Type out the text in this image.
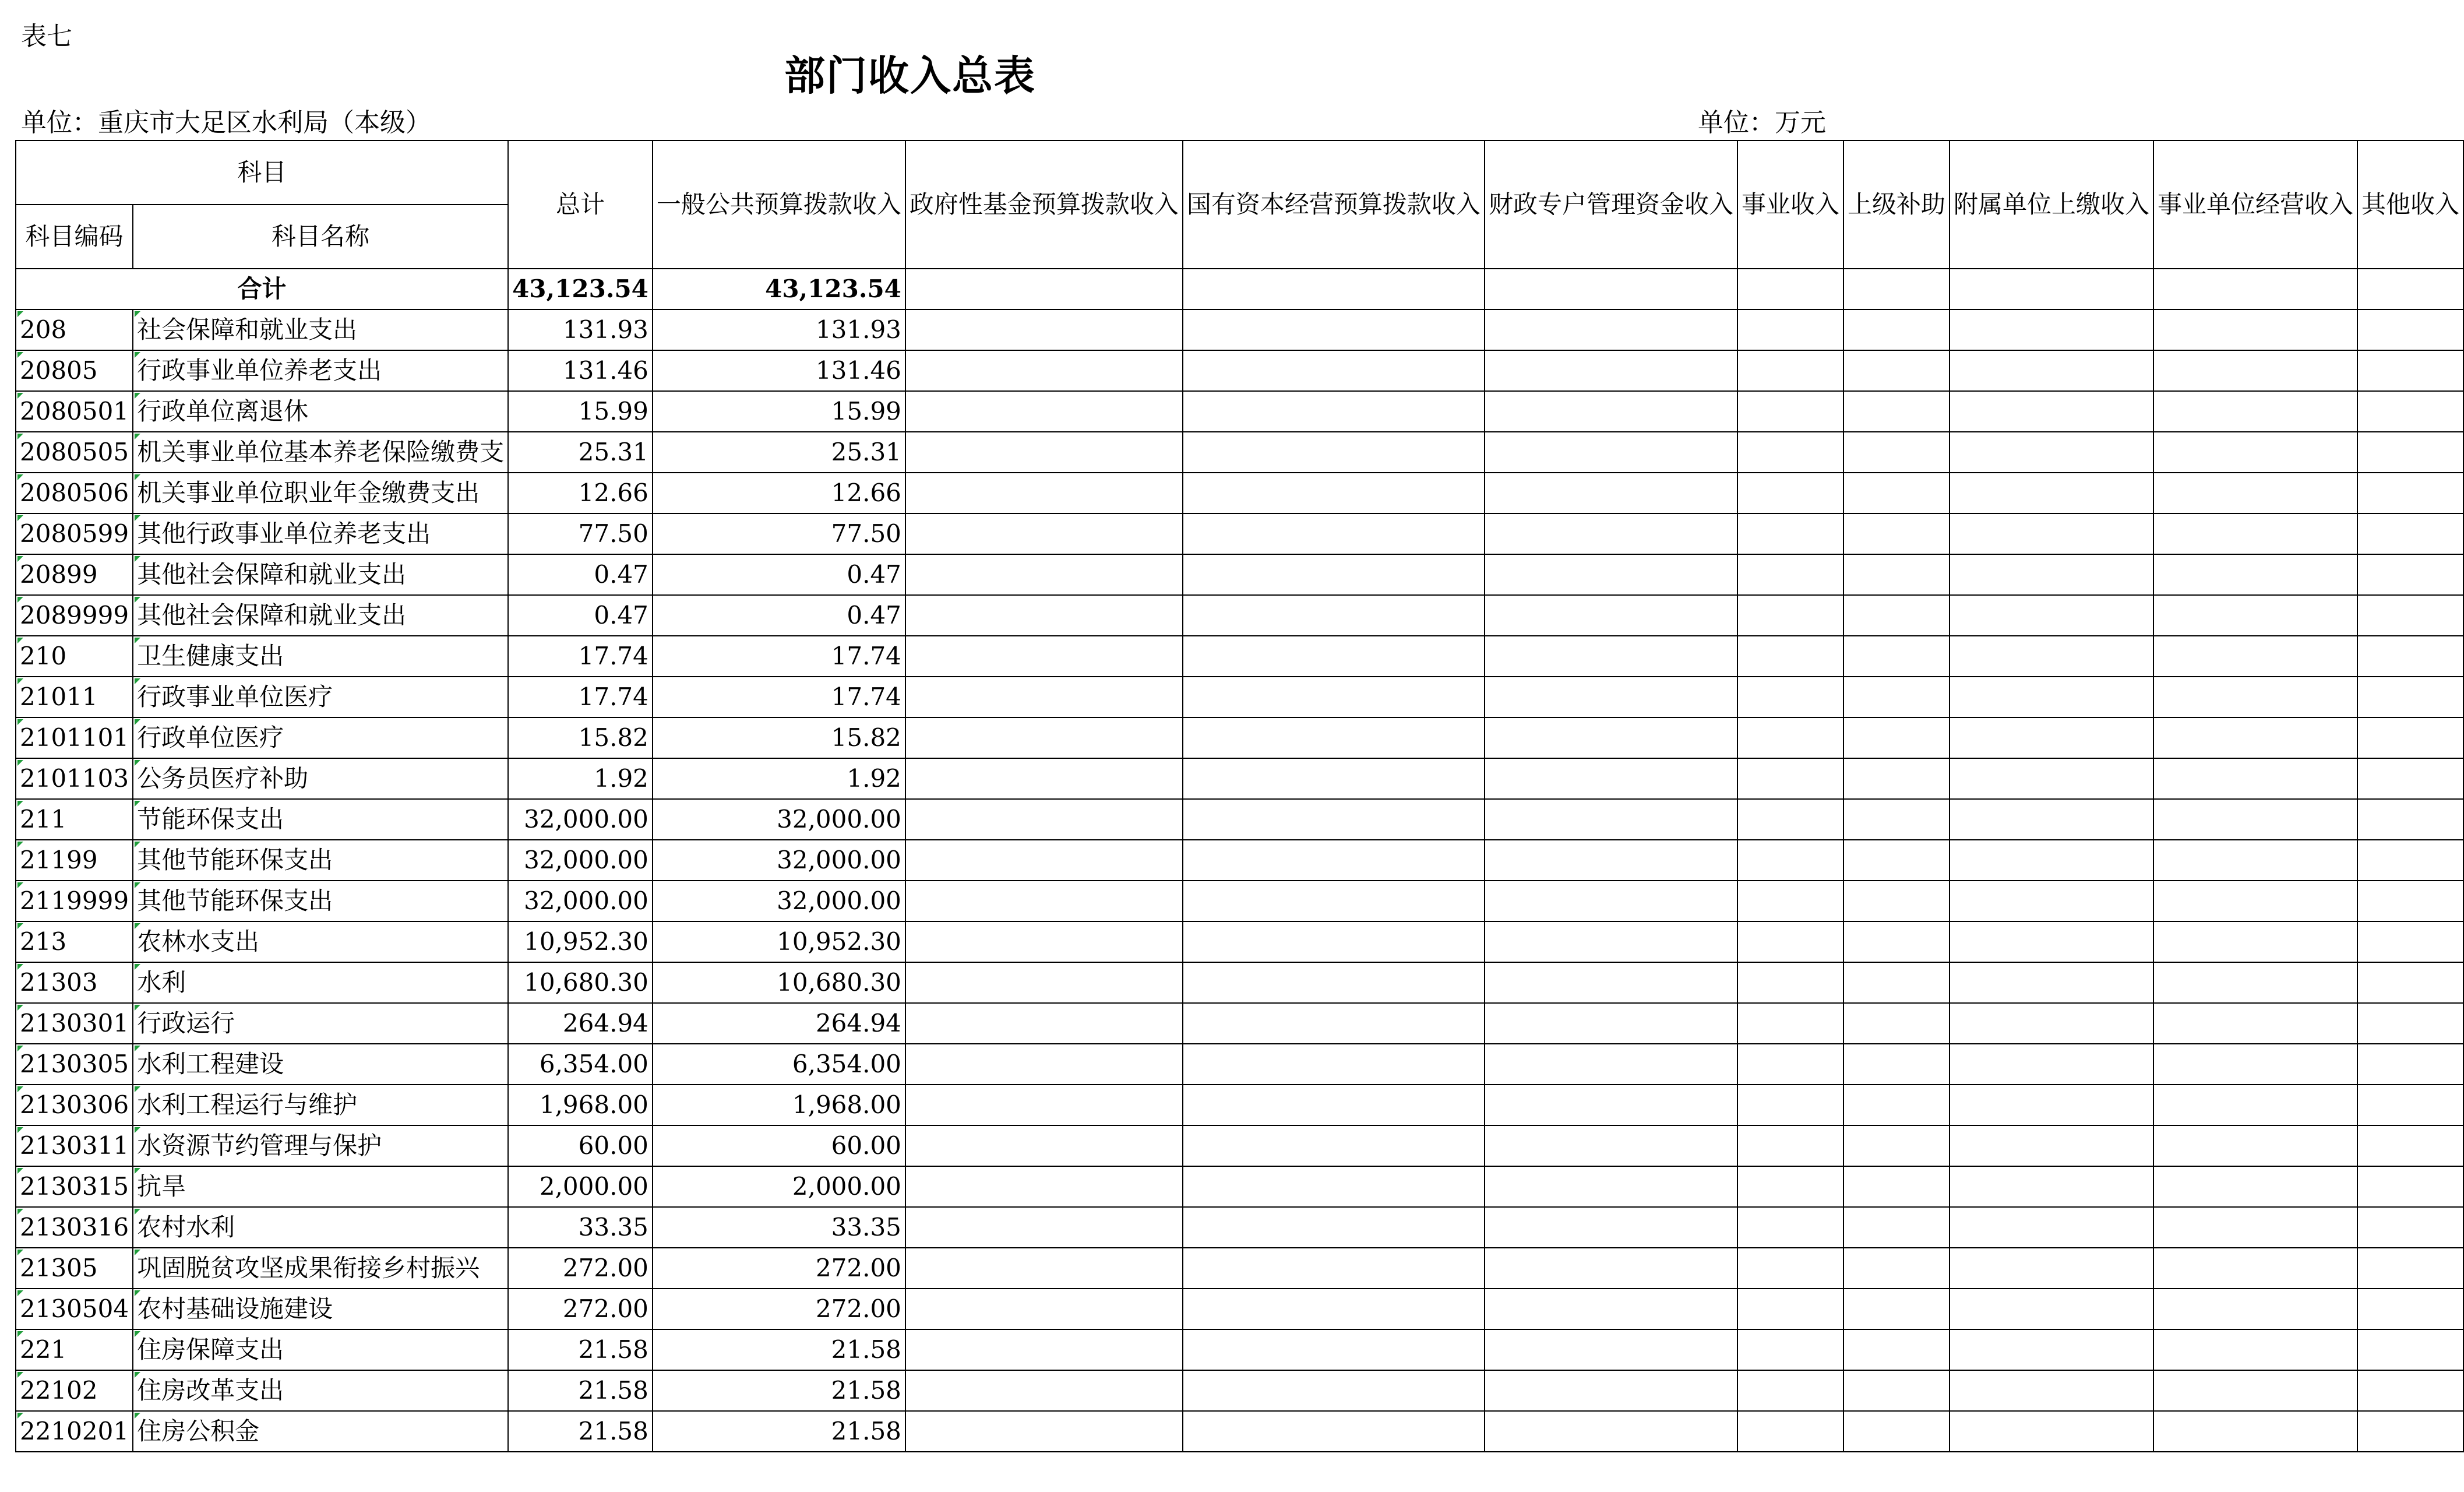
表七
部门收入总表
单位：重庆市大足区水利局（本级）	单位：万元
科目		总计	一般公共预算拨款收入	政府性基金预算拨款收入	国有资本经营预算拨款收入	财政专户管理资金收入	事业收入	上级补助	附属单位上缴收入	事业单位经营收入	其他收入
科目编码	科目名称										
合计		43,123.54	43,123.54								
208	社会保障和就业支出	131.93	131.93								
20805	行政事业单位养老支出	131.46	131.46								
2080501	行政单位离退休	15.99	15.99								
2080505	机关事业单位基本养老保险缴费支	25.31	25.31								
2080506	机关事业单位职业年金缴费支出	12.66	12.66								
2080599	其他行政事业单位养老支出	77.50	77.50								
20899	其他社会保障和就业支出	0.47	0.47								
2089999	其他社会保障和就业支出	0.47	0.47								
210	卫生健康支出	17.74	17.74								
21011	行政事业单位医疗	17.74	17.74								
2101101	行政单位医疗	15.82	15.82								
2101103	公务员医疗补助	1.92	1.92								
211	节能环保支出	32,000.00	32,000.00								
21199	其他节能环保支出	32,000.00	32,000.00								
2119999	其他节能环保支出	32,000.00	32,000.00								
213	农林水支出	10,952.30	10,952.30								
21303	水利	10,680.30	10,680.30								
2130301	行政运行	264.94	264.94								
2130305	水利工程建设	6,354.00	6,354.00								
2130306	水利工程运行与维护	1,968.00	1,968.00								
2130311	水资源节约管理与保护	60.00	60.00								
2130315	抗旱	2,000.00	2,000.00								
2130316	农村水利	33.35	33.35								
21305	巩固脱贫攻坚成果衔接乡村振兴	272.00	272.00								
2130504	农村基础设施建设	272.00	272.00								
221	住房保障支出	21.58	21.58								
22102	住房改革支出	21.58	21.58								
2210201	住房公积金	21.58	21.58								
